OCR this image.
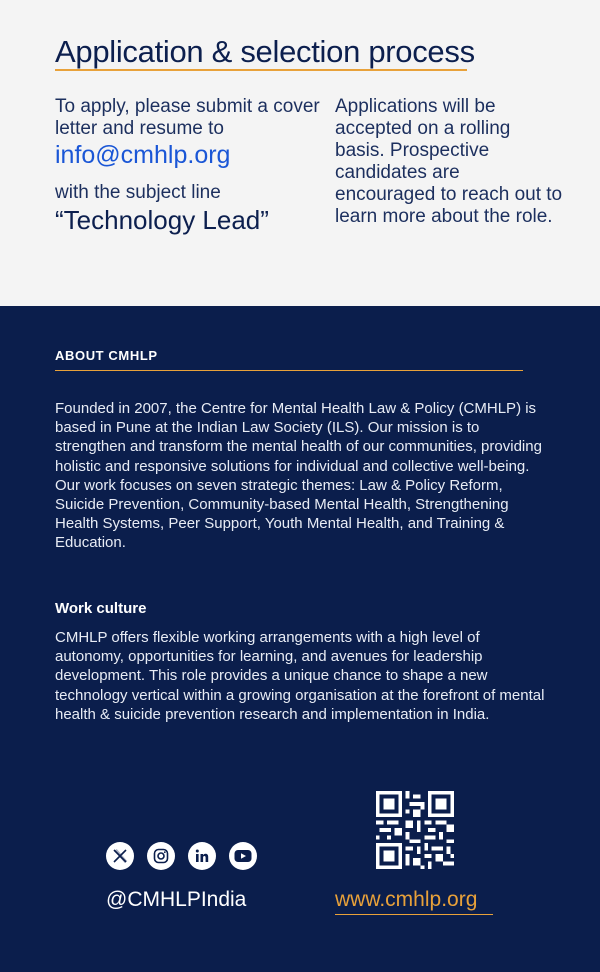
Application & selection process

To apply, please submit a cover letter and resume to

info@cmhlp.org

with the subject line

“Technology Lead”

Applications will be accepted on a rolling basis. Prospective candidates are encouraged to reach out to learn more about the role.

ABOUT CMHLP

Founded in 2007, the Centre for Mental Health Law & Policy (CMHLP) is based in Pune at the Indian Law Society (ILS). Our mission is to strengthen and transform the mental health of our communities, providing holistic and responsive solutions for individual and collective well-being. Our work focuses on seven strategic themes: Law & Policy Reform, Suicide Prevention, Community-based Mental Health, Strengthening Health Systems, Peer Support, Youth Mental Health, and Training & Education.

Work culture

CMHLP offers flexible working arrangements with a high level of autonomy, opportunities for learning, and avenues for leadership development. This role provides a unique chance to shape a new technology vertical within a growing organisation at the forefront of mental health & suicide prevention research and implementation in India.

@CMHLPIndia	www.cmhlp.org
